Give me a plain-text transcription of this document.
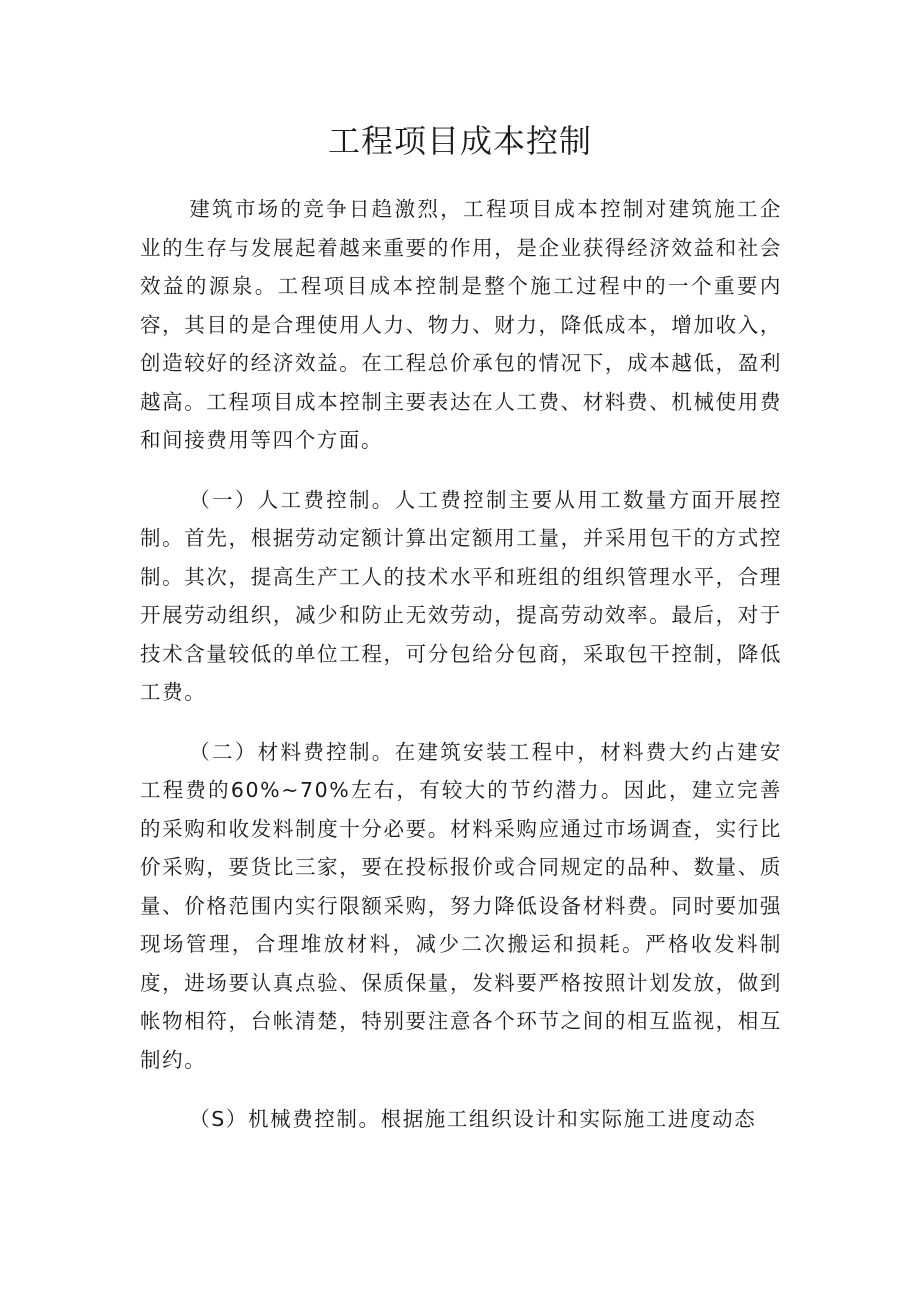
工程项目成本控制

建筑市场的竞争日趋激烈，工程项目成本控制对建筑施工企业的生存与发展起着越来重要的作用，是企业获得经济效益和社会效益的源泉。工程项目成本控制是整个施工过程中的一个重要内容，其目的是合理使用人力、物力、财力，降低成本，增加收入，创造较好的经济效益。在工程总价承包的情况下，成本越低，盈利越高。工程项目成本控制主要表达在人工费、材料费、机械使用费和间接费用等四个方面。

（一）人工费控制。人工费控制主要从用工数量方面开展控制。首先，根据劳动定额计算出定额用工量，并采用包干的方式控制。其次，提高生产工人的技术水平和班组的组织管理水平，合理开展劳动组织，减少和防止无效劳动，提高劳动效率。最后，对于技术含量较低的单位工程，可分包给分包商，采取包干控制，降低工费。

（二）材料费控制。在建筑安装工程中，材料费大约占建安工程费的60%~70%左右，有较大的节约潜力。因此，建立完善的采购和收发料制度十分必要。材料采购应通过市场调查，实行比价采购，要货比三家，要在投标报价或合同规定的品种、数量、质量、价格范围内实行限额采购，努力降低设备材料费。同时要加强现场管理，合理堆放材料，减少二次搬运和损耗。严格收发料制度，进场要认真点验、保质保量，发料要严格按照计划发放，做到帐物相符，台帐清楚，特别要注意各个环节之间的相互监视，相互制约。

（S）机械费控制。根据施工组织设计和实际施工进度动态
